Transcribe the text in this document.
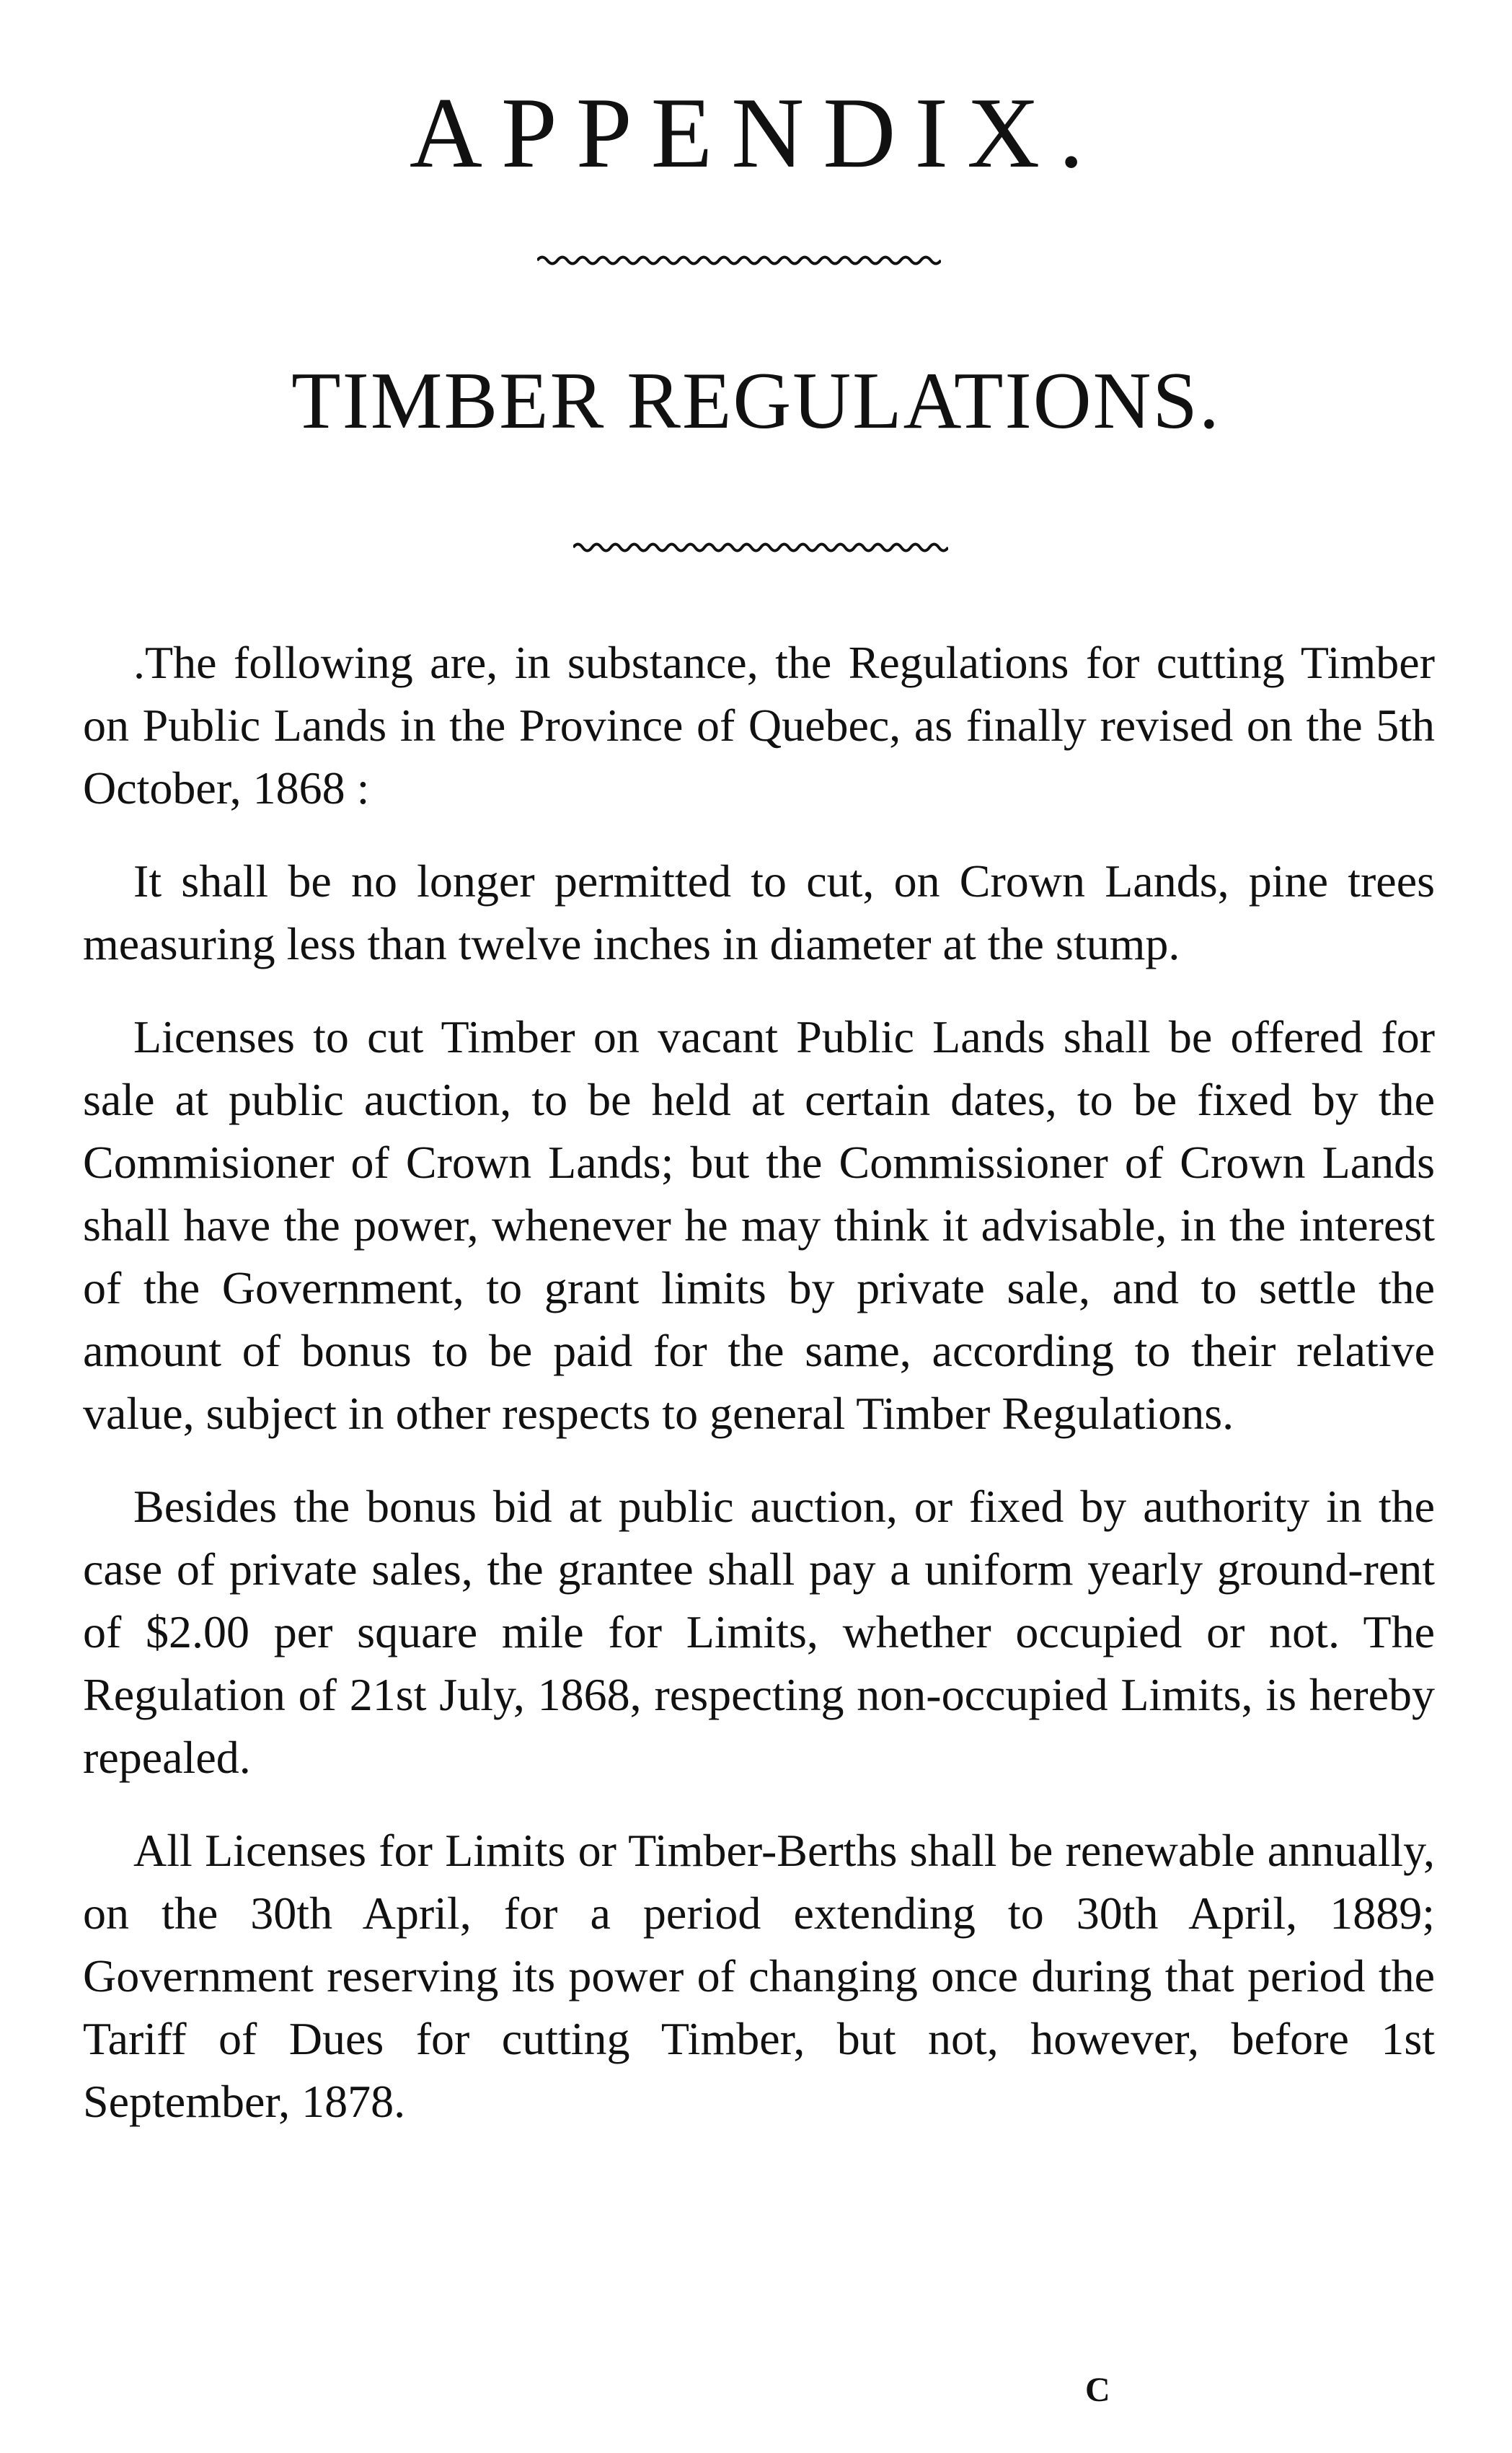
APPENDIX.
TIMBER REGULATIONS.

.The following are, in substance, the Regulations for cutting Timber on Public Lands in the Province of Quebec, as finally revised on the 5th October, 1868 :

It shall be no longer permitted to cut, on Crown Lands, pine trees measuring less than twelve inches in diameter at the stump.

Licenses to cut Timber on vacant Public Lands shall be offered for sale at public auction, to be held at certain dates, to be fixed by the Commisioner of Crown Lands; but the Commissioner of Crown Lands shall have the power, whenever he may think it advisable, in the interest of the Government, to grant limits by private sale, and to settle the amount of bonus to be paid for the same, according to their relative value, subject in other respects to general Timber Regulations.

Besides the bonus bid at public auction, or fixed by authority in the case of private sales, the grantee shall pay a uniform yearly ground-rent of $2.00 per square mile for Limits, whether occupied or not. The Regulation of 21st July, 1868, respecting non-occupied Limits, is hereby repealed.

All Licenses for Limits or Timber-Berths shall be renewable annually, on the 30th April, for a period extending to 30th April, 1889; Government reserving its power of changing once during that period the Tariff of Dues for cutting Timber, but not, however, before 1st September, 1878.

C
